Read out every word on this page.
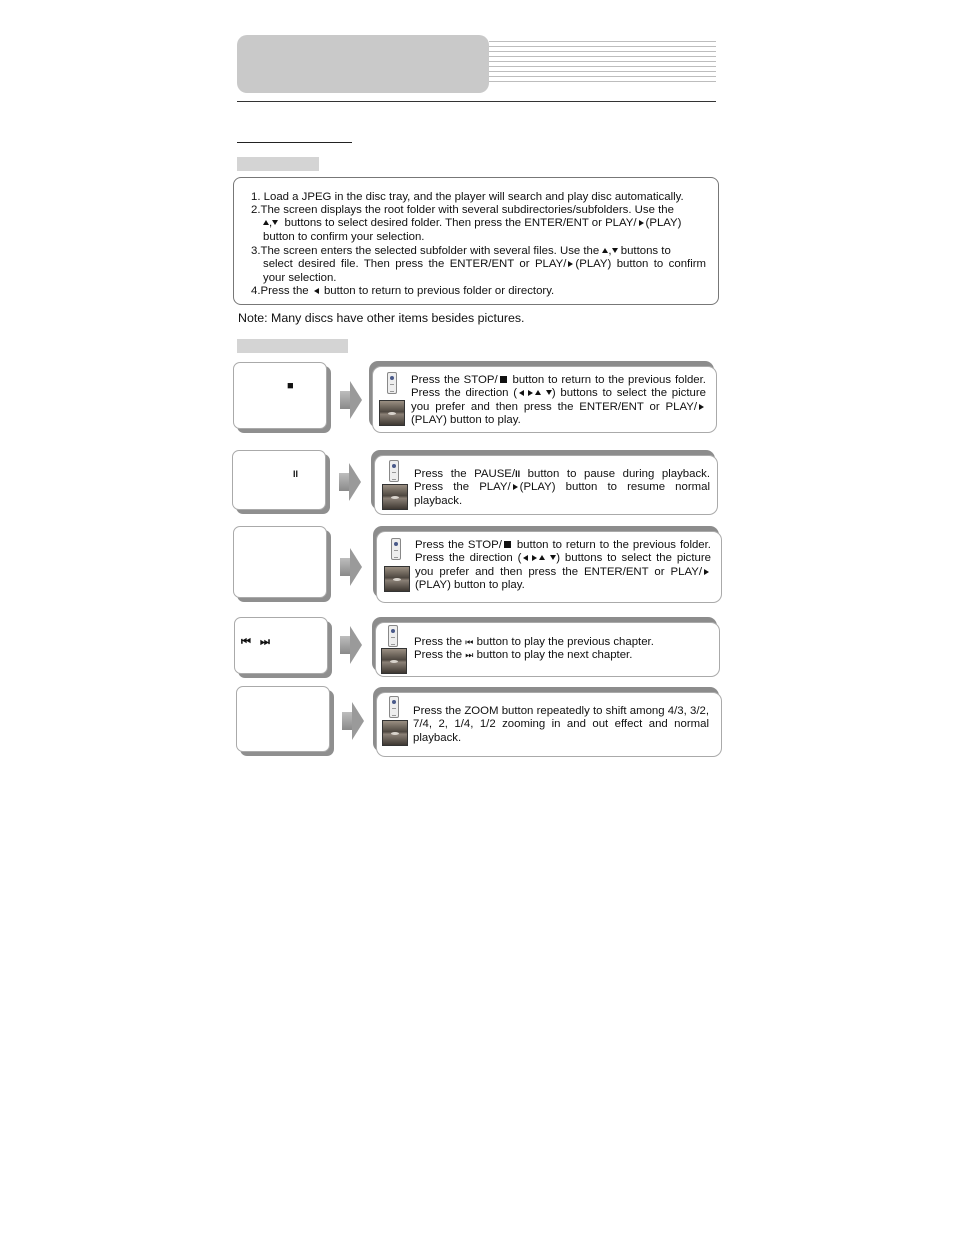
1. Load a JPEG in the disc tray, and the player will search and play disc automatically.
2.The screen displays the root folder with several subdirectories/subfolders. Use the
, buttons to select desired folder. Then press the ENTER/ENT or PLAY/ (PLAY)
button to confirm your selection.
3.The screen enters the selected subfolder with several files. Use the , buttons to
select desired file. Then press the ENTER/ENT or PLAY/ (PLAY) button to confirm your selection.
4.Press the button to return to previous folder or directory.
Note: Many discs have other items besides pictures.
■	Press the STOP/ button to return to the previous folder. Press the direction (	) buttons to select the picture you prefer and then press the ENTER/ENT or PLAY/(PLAY) button to play.
II	Press the PAUSE/II button to pause during playback. Press the PLAY/ (PLAY) button to resume normal playback.
Press the STOP/ button to return to the previous folder. Press the direction (	) buttons to select the picture you prefer and then press the ENTER/ENT or PLAY/(PLAY) button to play.
⏮ ⏭	Press the ⏮ button to play the previous chapter.
Press the ⏭ button to play the next chapter.
Press the ZOOM button repeatedly to shift among 4/3, 3/2, 7/4, 2, 1/4, 1/2 zooming in and out effect and normal playback.
